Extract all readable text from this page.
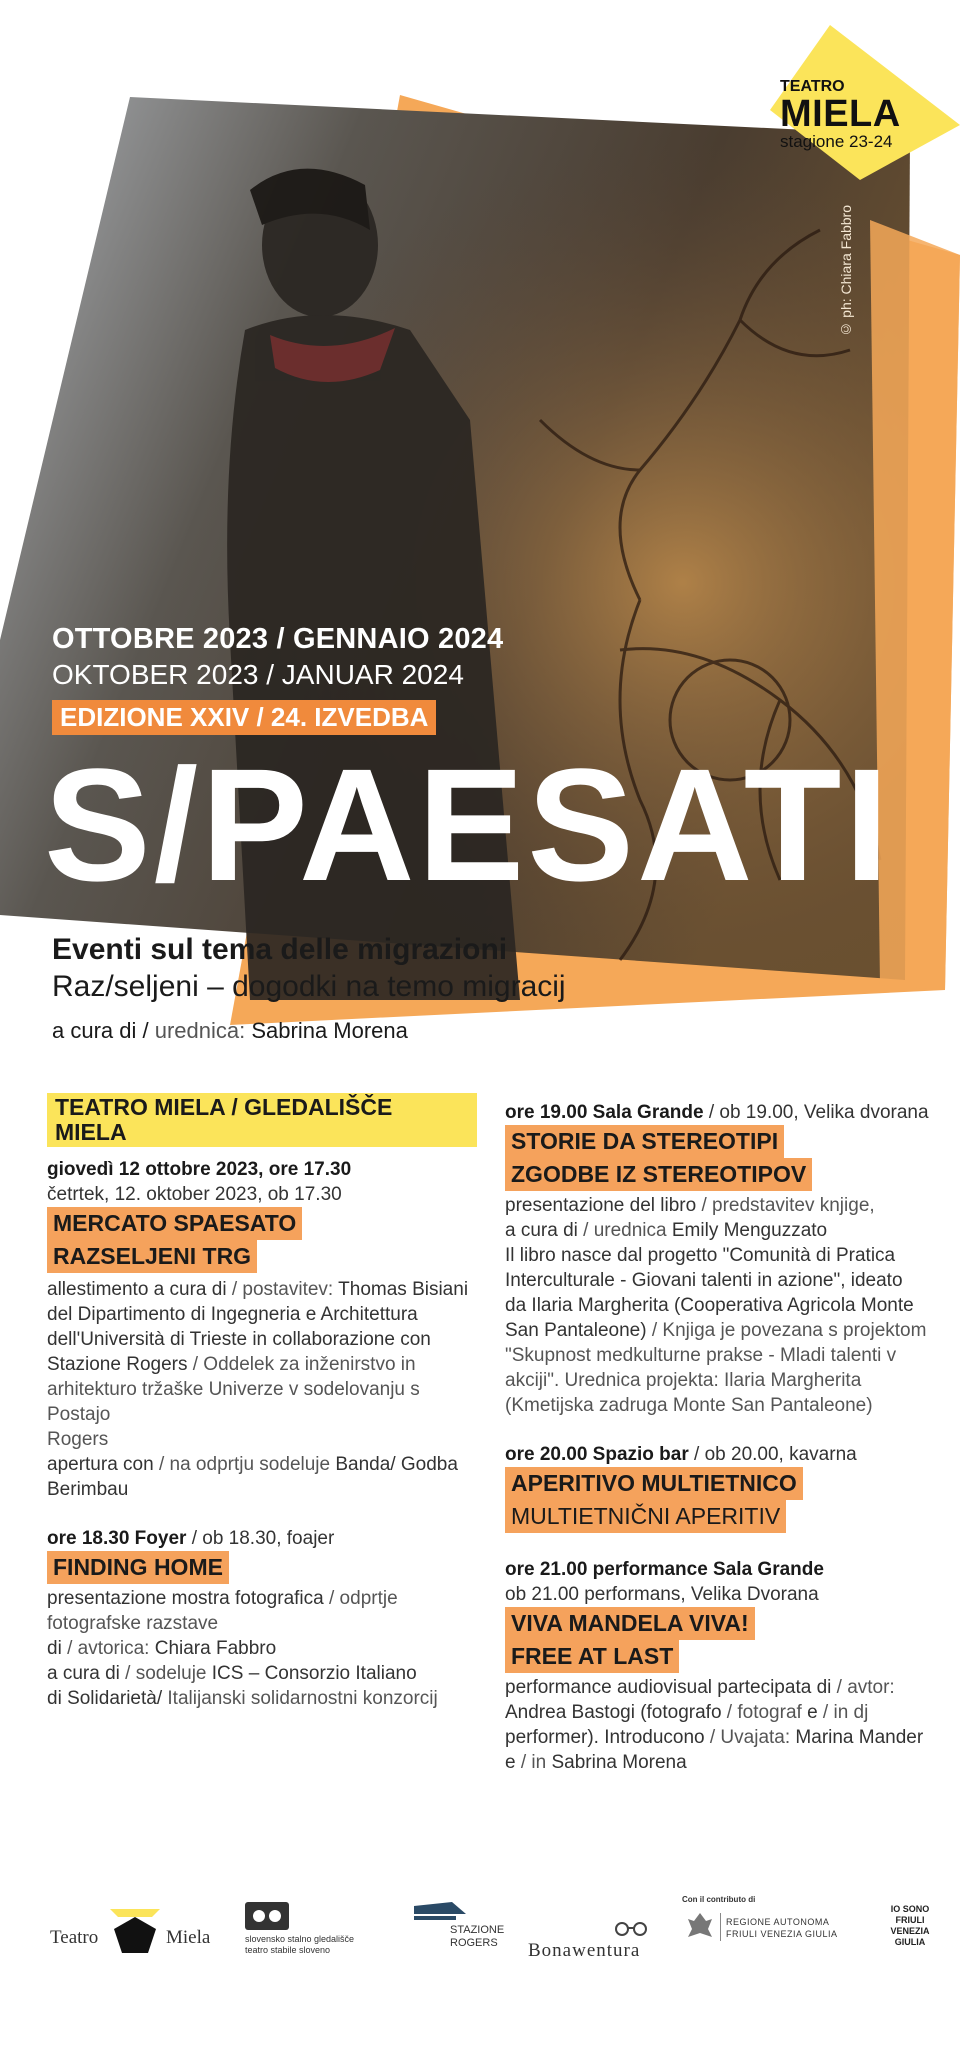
TEATRO
MIELA
stagione 23-24
© ph: Chiara Fabbro
OTTOBRE 2023 / GENNAIO 2024
OKTOBER 2023 / JANUAR 2024
EDIZIONE XXIV / 24. IZVEDBA
S/PAESATI
Eventi sul tema delle migrazioni
Raz/seljeni – dogodki na temo migracij
a cura di / urednica: Sabrina Morena
TEATRO MIELA / GLEDALIŠČE MIELA

giovedì 12 ottobre 2023, ore 17.30

četrtek, 12. oktober 2023, ob 17.30

MERCATO SPAESATO

RAZSELJENI TRG

allestimento a cura di / postavitev: Thomas Bisiani

del Dipartimento di Ingegneria e Architettura

dell'Università di Trieste in collaborazione con

Stazione Rogers / Oddelek za inženirstvo in

arhitekturo tržaške Univerze v sodelovanju s Postajo

Rogers

apertura con / na odprtju sodeluje Banda/ Godba

Berimbau

ore 18.30 Foyer / ob 18.30, foajer

FINDING HOME

presentazione mostra fotografica / odprtje

fotografske razstave

di / avtorica: Chiara Fabbro

a cura di / sodeluje ICS – Consorzio Italiano

di Solidarietà/ Italijanski solidarnostni konzorcij

ore 19.00 Sala Grande / ob 19.00, Velika dvorana

STORIE DA STEREOTIPI

ZGODBE IZ STEREOTIPOV

presentazione del libro / predstavitev knjige,

a cura di / urednica Emily Menguzzato

Il libro nasce dal progetto "Comunità di Pratica

Interculturale - Giovani talenti in azione", ideato

da Ilaria Margherita (Cooperativa Agricola Monte

San Pantaleone) / Knjiga je povezana s projektom

"Skupnost medkulturne prakse - Mladi talenti v

akciji". Urednica projekta: Ilaria Margherita

(Kmetijska zadruga Monte San Pantaleone)

ore 20.00 Spazio bar / ob 20.00, kavarna

APERITIVO MULTIETNICO

MULTIETNIČNI APERITIV

ore 21.00 performance Sala Grande

ob 21.00 performans, Velika Dvorana

VIVA MANDELA VIVA!

FREE AT LAST

performance audiovisual partecipata di / avtor:

Andrea Bastogi (fotografo / fotograf e / in dj

performer). Introducono / Uvajata: Marina Mander

e / in Sabrina Morena

Teatro	Miela	slovensko stalno gledališče
teatro stabile sloveno
STAZIONE
ROGERS Bonawentura
Con il contributo di
REGIONE AUTONOMA
FRIULI VENEZIA GIULIA
IO SONO
FRIULI
VENEZIA
GIULIA
